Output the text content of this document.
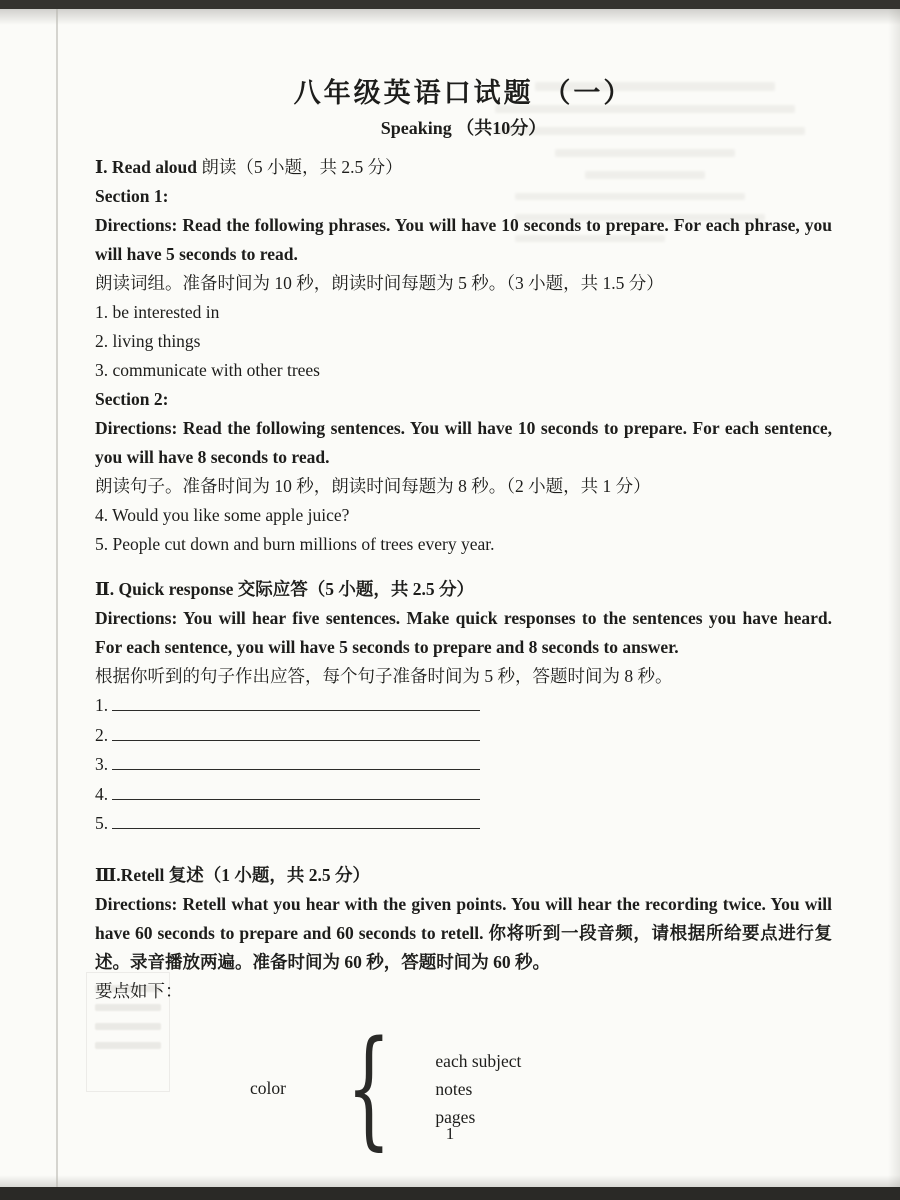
八年级英语口试题 （一）
Speaking （共10分）

Ⅰ. Read aloud 朗读（5 小题，共 2.5 分）

Section 1:

Directions: Read the following phrases. You will have 10 seconds to prepare. For each phrase, you will have 5 seconds to read.

朗读词组。准备时间为 10 秒，朗读时间每题为 5 秒。（3 小题，共 1.5 分）

1. be interested in

2. living things

3. communicate with other trees

Section 2:

Directions: Read the following sentences. You will have 10 seconds to prepare. For each sentence, you will have 8 seconds to read.

朗读句子。准备时间为 10 秒，朗读时间每题为 8 秒。（2 小题，共 1 分）

4. Would you like some apple juice?

5. People cut down and burn millions of trees every year.

Ⅱ. Quick response 交际应答（5 小题，共 2.5 分）

Directions: You will hear five sentences. Make quick responses to the sentences you have heard. For each sentence, you will have 5 seconds to prepare and 8 seconds to answer.

根据你听到的句子作出应答，每个句子准备时间为 5 秒，答题时间为 8 秒。

1.

2.

3.

4.

5.

Ⅲ.Retell 复述（1 小题，共 2.5 分）

Directions: Retell what you hear with the given points. You will hear the recording twice. You will have 60 seconds to prepare and 60 seconds to retell. 你将听到一段音频，请根据所给要点进行复述。录音播放两遍。准备时间为 60 秒，答题时间为 60 秒。

要点如下：

color {	each subject
notes
pages
1
